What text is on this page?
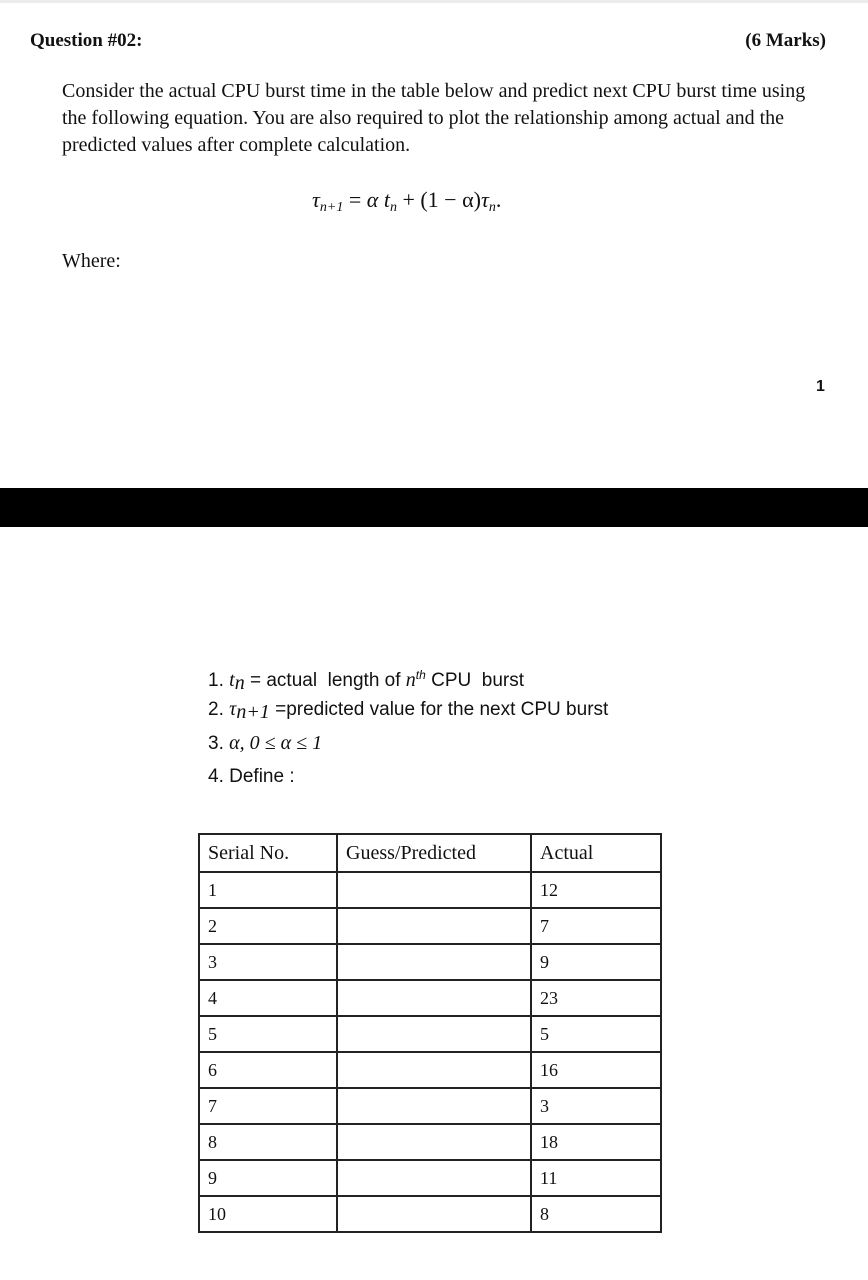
Question #02:	(6 Marks)

Consider the actual CPU burst time in the table below and predict next CPU burst time using the following equation. You are also required to plot the relationship among actual and the predicted values after complete calculation.

$\tau_{n+1} = \alpha$ $t_n + (1 - \alpha)\tau_n$.
Where:
1
1. $t_n$ = actual  length of $n^{th}$ CPU  burst
2. $\tau_{n+1}$ =predicted value for the next CPU burst
3. α, 0 ≤ α ≤ 1
4. Define :
Serial No.	Guess/Predicted	Actual
1		12
2		7
3		9
4		23
5		5
6		16
7		3
8		18
9		11
10		8
